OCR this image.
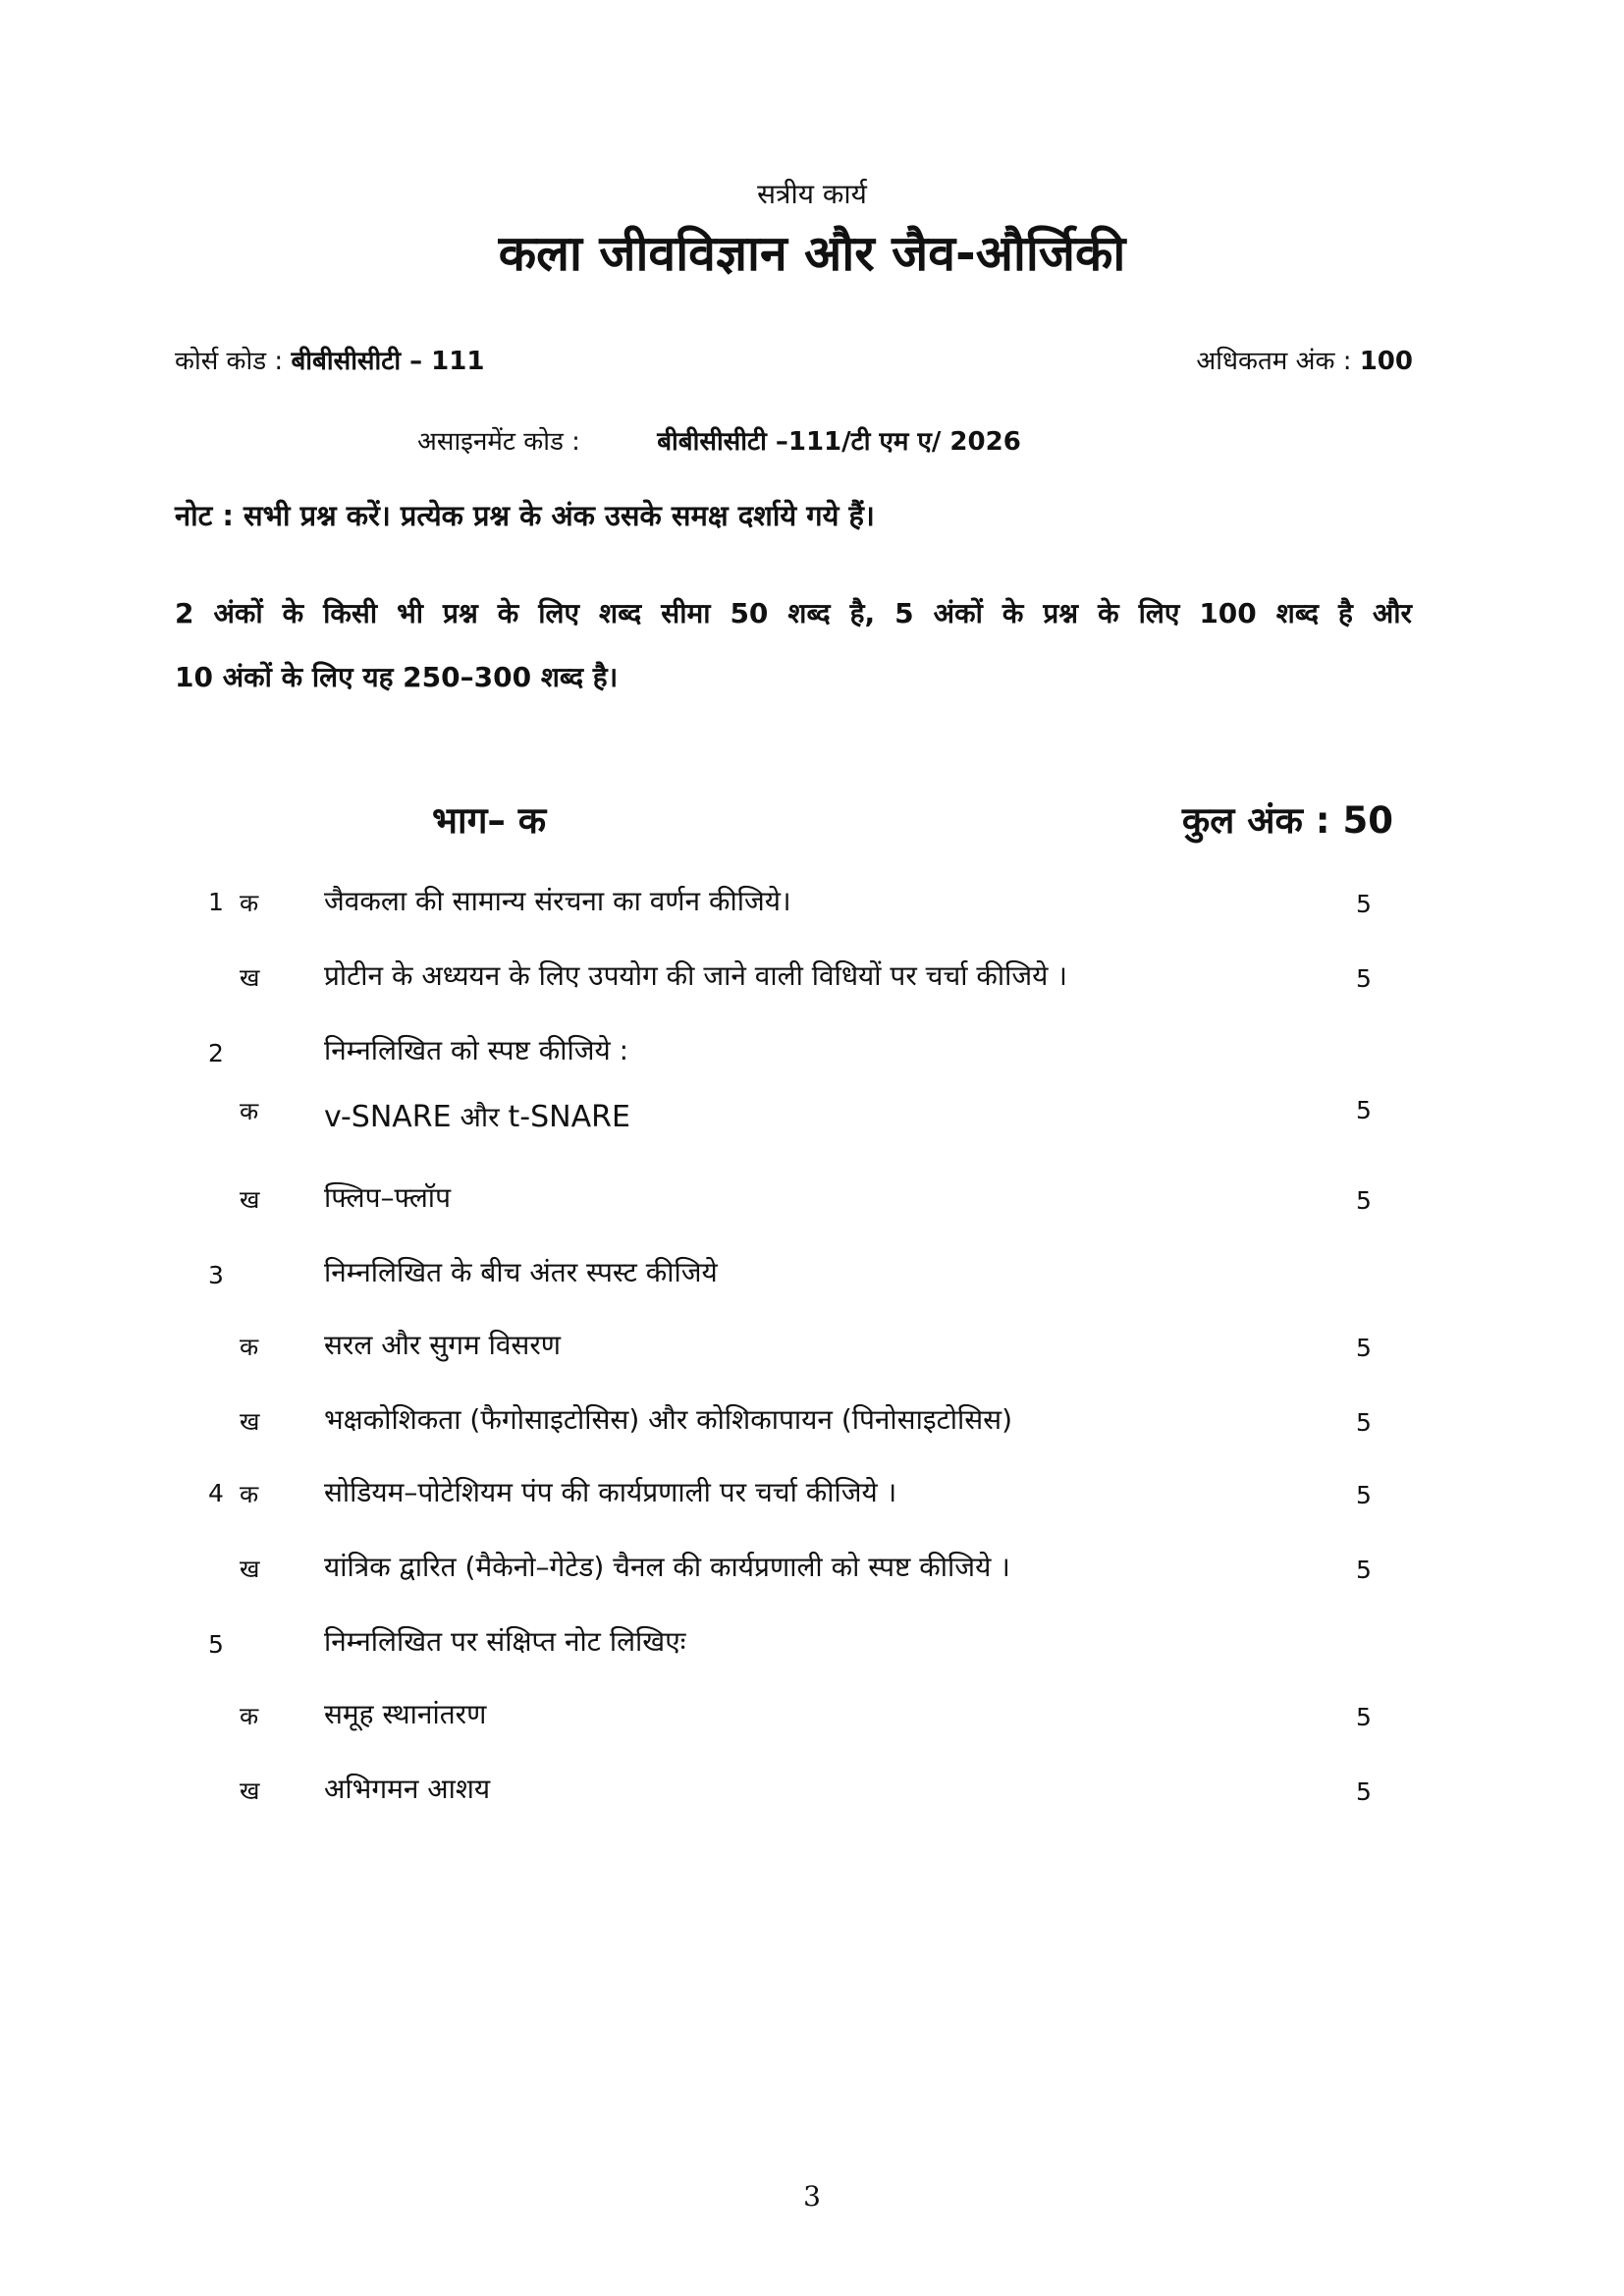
सत्रीय कार्य
कला जीवविज्ञान और जैव-और्जिकी
कोर्स कोड : बीबीसीसीटी – 111	अधिकतम अंक : 100
असाइनमेंट कोड :	बीबीसीसीटी –111/टी एम ए/ 2026
नोट : सभी प्रश्न करें। प्रत्येक प्रश्न के अंक उसके समक्ष दर्शाये गये हैं।
2 अंकों के किसी भी प्रश्न के लिए शब्द सीमा 50 शब्द है, 5 अंकों के प्रश्न के लिए 100 शब्द है और
10 अंकों के लिए यह 250–300 शब्द है।
भाग– क	कुल अंक : 50
1 क जैवकला की सामान्य संरचना का वर्णन कीजिये।	5
ख प्रोटीन के अध्ययन के लिए उपयोग की जाने वाली विधियों पर चर्चा कीजिये ।	5
2	निम्नलिखित को स्पष्ट कीजिये :
क v-SNARE और t-SNARE	5
ख फ्लिप–फ्लॉप	5
3	निम्नलिखित के बीच अंतर स्पस्ट कीजिये
क सरल और सुगम विसरण	5
ख भक्षकोशिकता (फैगोसाइटोसिस) और कोशिकापायन (पिनोसाइटोसिस)	5
4 क सोडियम–पोटेशियम पंप की कार्यप्रणाली पर चर्चा कीजिये ।	5
ख यांत्रिक द्वारित (मैकेनो–गेटेड) चैनल की कार्यप्रणाली को स्पष्ट कीजिये ।	5
5	निम्नलिखित पर संक्षिप्त नोट लिखिएः
क समूह स्थानांतरण	5
ख अभिगमन आशय	5
3
